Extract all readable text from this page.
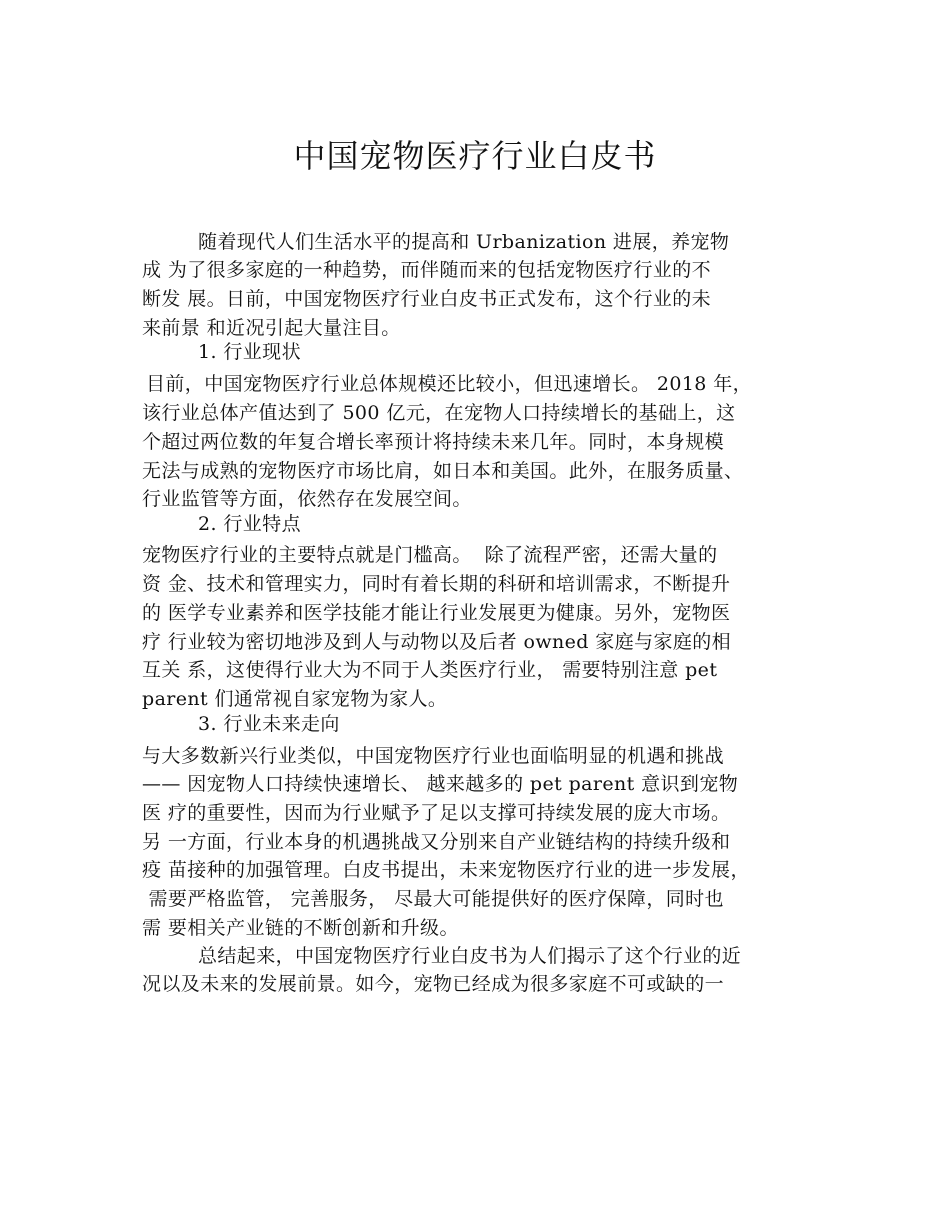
中国宠物医疗行业白皮书
随着现代人们生活水平的提高和 Urbanization 进展，养宠物
成 为了很多家庭的一种趋势，而伴随而来的包括宠物医疗行业的不
断发 展。日前，中国宠物医疗行业白皮书正式发布，这个行业的未
来前景 和近况引起大量注目。
1. 行业现状
目前，中国宠物医疗行业总体规模还比较小，但迅速增长。 2018 年，
该行业总体产值达到了 500 亿元，在宠物人口持续增长的基础上，这
个超过两位数的年复合增长率预计将持续未来几年。同时，本身规模
无法与成熟的宠物医疗市场比肩，如日本和美国。此外，在服务质量、
行业监管等方面，依然存在发展空间。
2. 行业特点
宠物医疗行业的主要特点就是门槛高。  除了流程严密，还需大量的
资 金、技术和管理实力，同时有着长期的科研和培训需求，不断提升
的 医学专业素养和医学技能才能让行业发展更为健康。另外，宠物医
疗 行业较为密切地涉及到人与动物以及后者 owned 家庭与家庭的相
互关 系，这使得行业大为不同于人类医疗行业， 需要特别注意 pet
parent 们通常视自家宠物为家人。
3. 行业未来走向
与大多数新兴行业类似，中国宠物医疗行业也面临明显的机遇和挑战
—— 因宠物人口持续快速增长、 越来越多的 pet parent 意识到宠物
医 疗的重要性，因而为行业赋予了足以支撑可持续发展的庞大市场。
另 一方面，行业本身的机遇挑战又分别来自产业链结构的持续升级和
疫 苗接种的加强管理。白皮书提出，未来宠物医疗行业的进一步发展，
需要严格监管， 完善服务， 尽最大可能提供好的医疗保障，同时也
需 要相关产业链的不断创新和升级。
总结起来，中国宠物医疗行业白皮书为人们揭示了这个行业的近
况以及未来的发展前景。如今，宠物已经成为很多家庭不可或缺的一
